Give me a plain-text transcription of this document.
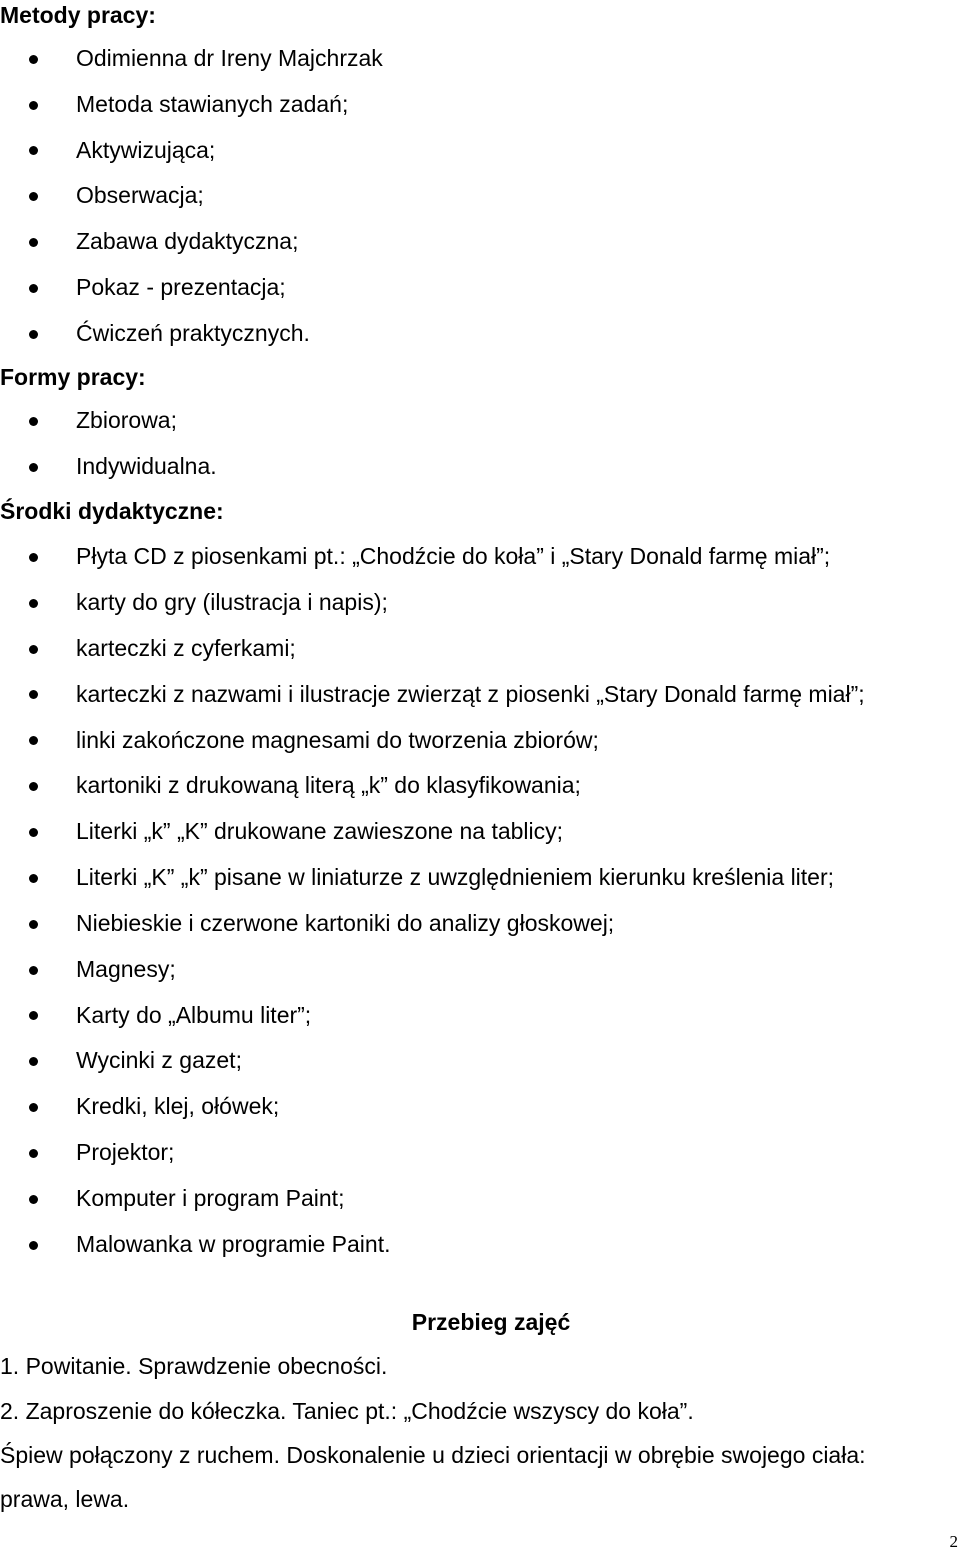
Metody pracy:
Odimienna dr Ireny Majchrzak
Metoda stawianych zadań;
Aktywizująca;
Obserwacja;
Zabawa dydaktyczna;
Pokaz - prezentacja;
Ćwiczeń praktycznych.
Formy pracy:
Zbiorowa;
Indywidualna.
Środki dydaktyczne:
Płyta CD z piosenkami pt.: „Chodźcie do koła” i „Stary Donald farmę miał”;
karty do gry (ilustracja i napis);
karteczki z cyferkami;
karteczki z nazwami i ilustracje zwierząt z piosenki „Stary Donald farmę miał”;
linki zakończone magnesami do tworzenia zbiorów;
kartoniki z drukowaną literą „k” do klasyfikowania;
Literki „k” „K” drukowane zawieszone na tablicy;
Literki „K” „k” pisane w liniaturze z uwzględnieniem kierunku kreślenia liter;
Niebieskie i czerwone kartoniki do analizy głoskowej;
Magnesy;
Karty do „Albumu liter”;
Wycinki z gazet;
Kredki, klej, ołówek;
Projektor;
Komputer i program Paint;
Malowanka w programie Paint.
Przebieg zajęć
1. Powitanie. Sprawdzenie obecności.
2. Zaproszenie do kółeczka. Taniec pt.: „Chodźcie wszyscy do koła”.
Śpiew połączony z ruchem. Doskonalenie u dzieci orientacji w obrębie swojego ciała:
prawa, lewa.
2
